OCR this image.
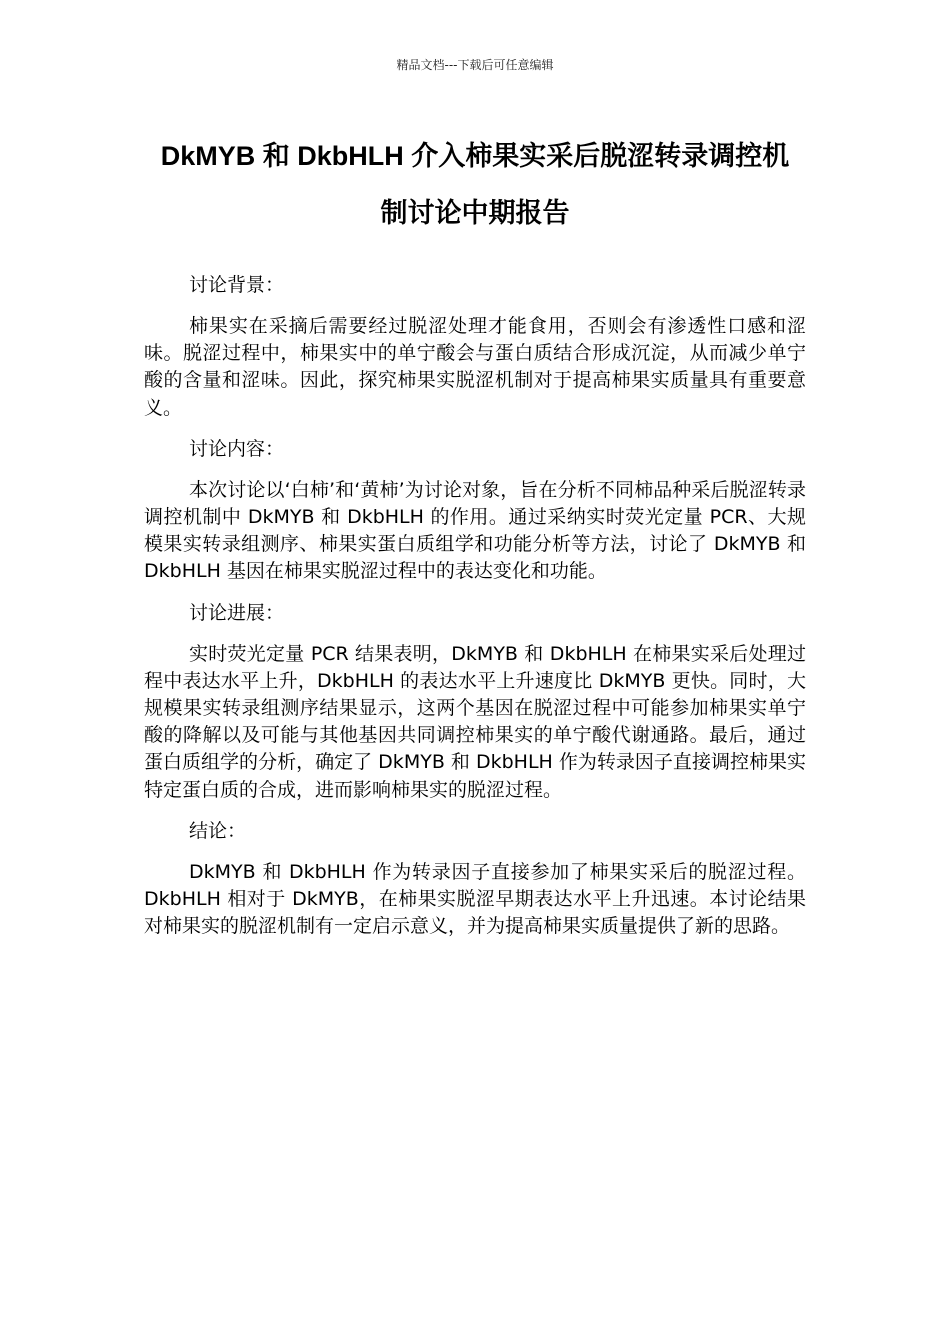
精品文档---下载后可任意编辑
DkMYB 和 DkbHLH 介入柿果实采后脱涩转录调控机
制讨论中期报告

讨论背景：

柿果实在采摘后需要经过脱涩处理才能食用，否则会有渗透性口感和涩味。脱涩过程中，柿果实中的单宁酸会与蛋白质结合形成沉淀，从而减少单宁酸的含量和涩味。因此，探究柿果实脱涩机制对于提高柿果实质量具有重要意义。

讨论内容：

本次讨论以‘白柿’和‘黄柿’为讨论对象，旨在分析不同柿品种采后脱涩转录调控机制中 DkMYB 和 DkbHLH 的作用。通过采纳实时荧光定量 PCR、大规模果实转录组测序、柿果实蛋白质组学和功能分析等方法，讨论了 DkMYB 和 DkbHLH 基因在柿果实脱涩过程中的表达变化和功能。

讨论进展：

实时荧光定量 PCR 结果表明，DkMYB 和 DkbHLH 在柿果实采后处理过程中表达水平上升，DkbHLH 的表达水平上升速度比 DkMYB 更快。同时，大规模果实转录组测序结果显示，这两个基因在脱涩过程中可能参加柿果实单宁酸的降解以及可能与其他基因共同调控柿果实的单宁酸代谢通路。最后，通过蛋白质组学的分析，确定了 DkMYB 和 DkbHLH 作为转录因子直接调控柿果实特定蛋白质的合成，进而影响柿果实的脱涩过程。

结论：

DkMYB 和 DkbHLH 作为转录因子直接参加了柿果实采后的脱涩过程。DkbHLH 相对于 DkMYB，在柿果实脱涩早期表达水平上升迅速。本讨论结果对柿果实的脱涩机制有一定启示意义，并为提高柿果实质量提供了新的思路。
